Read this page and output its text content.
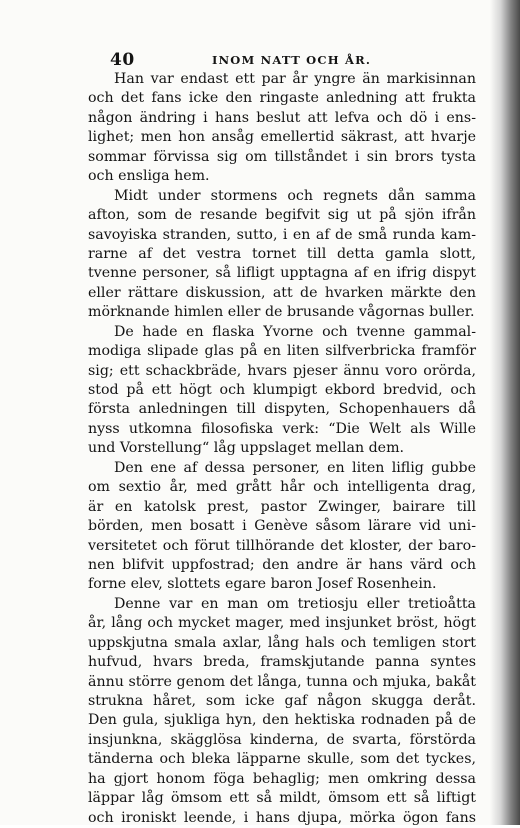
40	INOM NATT OCH ÅR.
Han var endast ett par år yngre än markisinnan
och det fans icke den ringaste anledning att frukta
någon ändring i hans beslut att lefva och dö i ens-
lighet; men hon ansåg emellertid säkrast, att hvarje
sommar förvissa sig om tillståndet i sin brors tysta
och ensliga hem.
Midt under stormens och regnets dån samma
afton, som de resande begifvit sig ut på sjön ifrån
savoyiska stranden, sutto, i en af de små runda kam-
rarne af det vestra tornet till detta gamla slott,
tvenne personer, så lifligt upptagna af en ifrig dispyt
eller rättare diskussion, att de hvarken märkte den
mörknande himlen eller de brusande vågornas buller.
De hade en flaska Yvorne och tvenne gammal-
modiga slipade glas på en liten silfverbricka framför
sig; ett schackbräde, hvars pjeser ännu voro orörda,
stod på ett högt och klumpigt ekbord bredvid, och
första anledningen till dispyten, Schopenhauers då
nyss utkomna filosofiska verk: “Die Welt als Wille
und Vorstellung“ låg uppslaget mellan dem.
Den ene af dessa personer, en liten liflig gubbe
om sextio år, med grått hår och intelligenta drag,
är en katolsk prest, pastor Zwinger, bairare till
börden, men bosatt i Genève såsom lärare vid uni-
versitetet och förut tillhörande det kloster, der baro-
nen blifvit uppfostrad; den andre är hans värd och
forne elev, slottets egare baron Josef Rosenhein.
Denne var en man om tretiosju eller tretioåtta
år, lång och mycket mager, med insjunket bröst, högt
uppskjutna smala axlar, lång hals och temligen stort
hufvud, hvars breda, framskjutande panna syntes
ännu större genom det långa, tunna och mjuka, bakåt
strukna håret, som icke gaf någon skugga deråt.
Den gula, sjukliga hyn, den hektiska rodnaden på de
insjunkna, skägglösa kinderna, de svarta, förstörda
tänderna och bleka läpparne skulle, som det tyckes,
ha gjort honom föga behaglig; men omkring dessa
läppar låg ömsom ett så mildt, ömsom ett så liftigt
och ironiskt leende, i hans djupa, mörka ögon fans
